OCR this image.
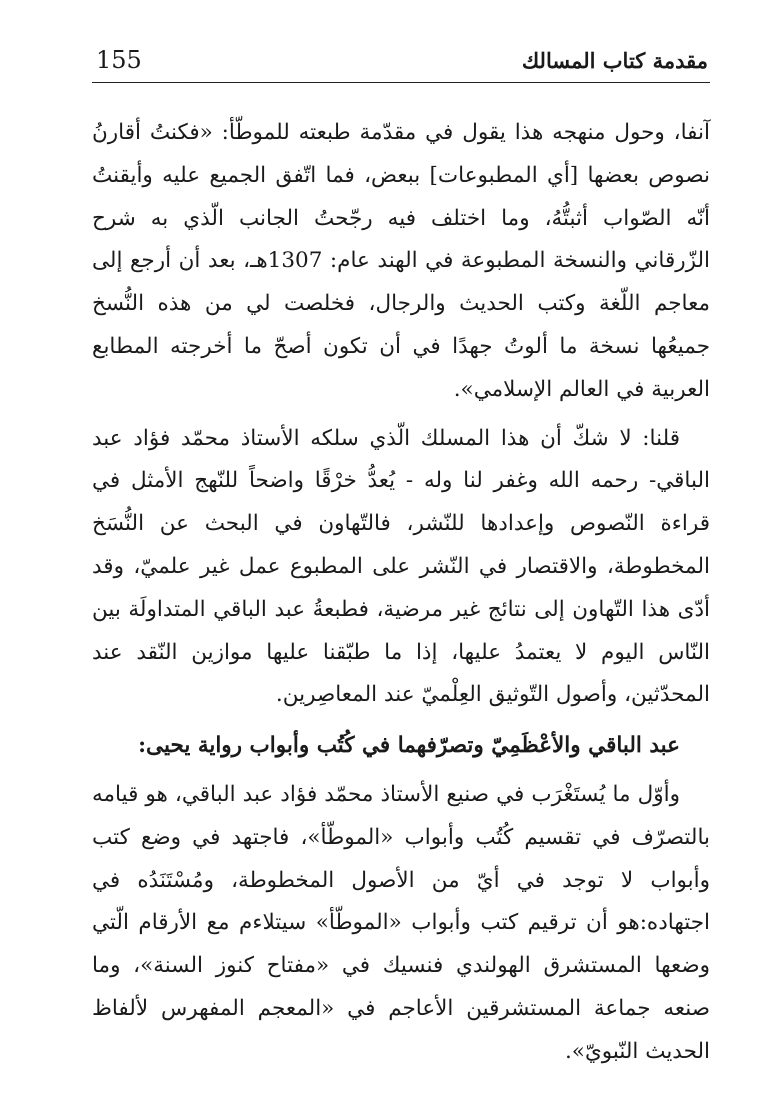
155	مقدمة كتاب المسالك

آنفا، وحول منهجه هذا يقول في مقدّمة طبعته للموطّأ: «فكنتُ أقارنُ نصوص بعضها [أي المطبوعات] ببعض، فما اتّفق الجميع عليه وأيقنتُ أنّه الصّواب أثبتُّهُ، وما اختلف فيه رجّحتُ الجانب الّذي به شرح الزّرقاني والنسخة المطبوعة في الهند عام: 1307هـ، بعد أن أرجع إلى معاجم اللّغة وكتب الحديث والرجال، فخلصت لي من هذه النُّسخ جميعُها نسخة ما ألوتُ جهدًا في أن تكون أصحّ ما أخرجته المطابع العربية في العالم الإسلامي».

قلنا: لا شكّ أن هذا المسلك الّذي سلكه الأستاذ محمّد فؤاد عبد الباقي- رحمه الله وغفر لنا وله - يُعدُّ خرْقًا واضحاً للنّهج الأمثل في قراءة النّصوص وإعدادها للنّشر، فالتّهاون في البحث عن النُّسَخ المخطوطة، والاقتصار في النّشر على المطبوع عمل غير علميّ، وقد أدّى هذا التّهاون إلى نتائج غير مرضية، فطبعةُ عبد الباقي المتداولَة بين النّاس اليوم لا يعتمدُ عليها، إذا ما طبّقنا عليها موازين النّقد عند المحدّثين، وأصول التّوثيق العِلْميّ عند المعاصِرين.

عبد الباقي والأعْظَمِيّ وتصرّفهما في كُتُب وأبواب رواية يحيى:

وأوّل ما يُستَغْرَب في صنيع الأستاذ محمّد فؤاد عبد الباقي، هو قيامه بالتصرّف في تقسيم كُتُب وأبواب «الموطّأ»، فاجتهد في وضع كتب وأبواب لا توجد في أيّ من الأصول المخطوطة، ومُسْتَنَدُه في اجتهاده:هو أن ترقيم كتب وأبواب «الموطّأ» سيتلاءم مع الأرقام الّتي وضعها المستشرق الهولندي فنسيك في «مفتاح كنوز السنة»، وما صنعه جماعة المستشرقين الأعاجم في «المعجم المفهرس لألفاظ الحديث النّبويّ».
